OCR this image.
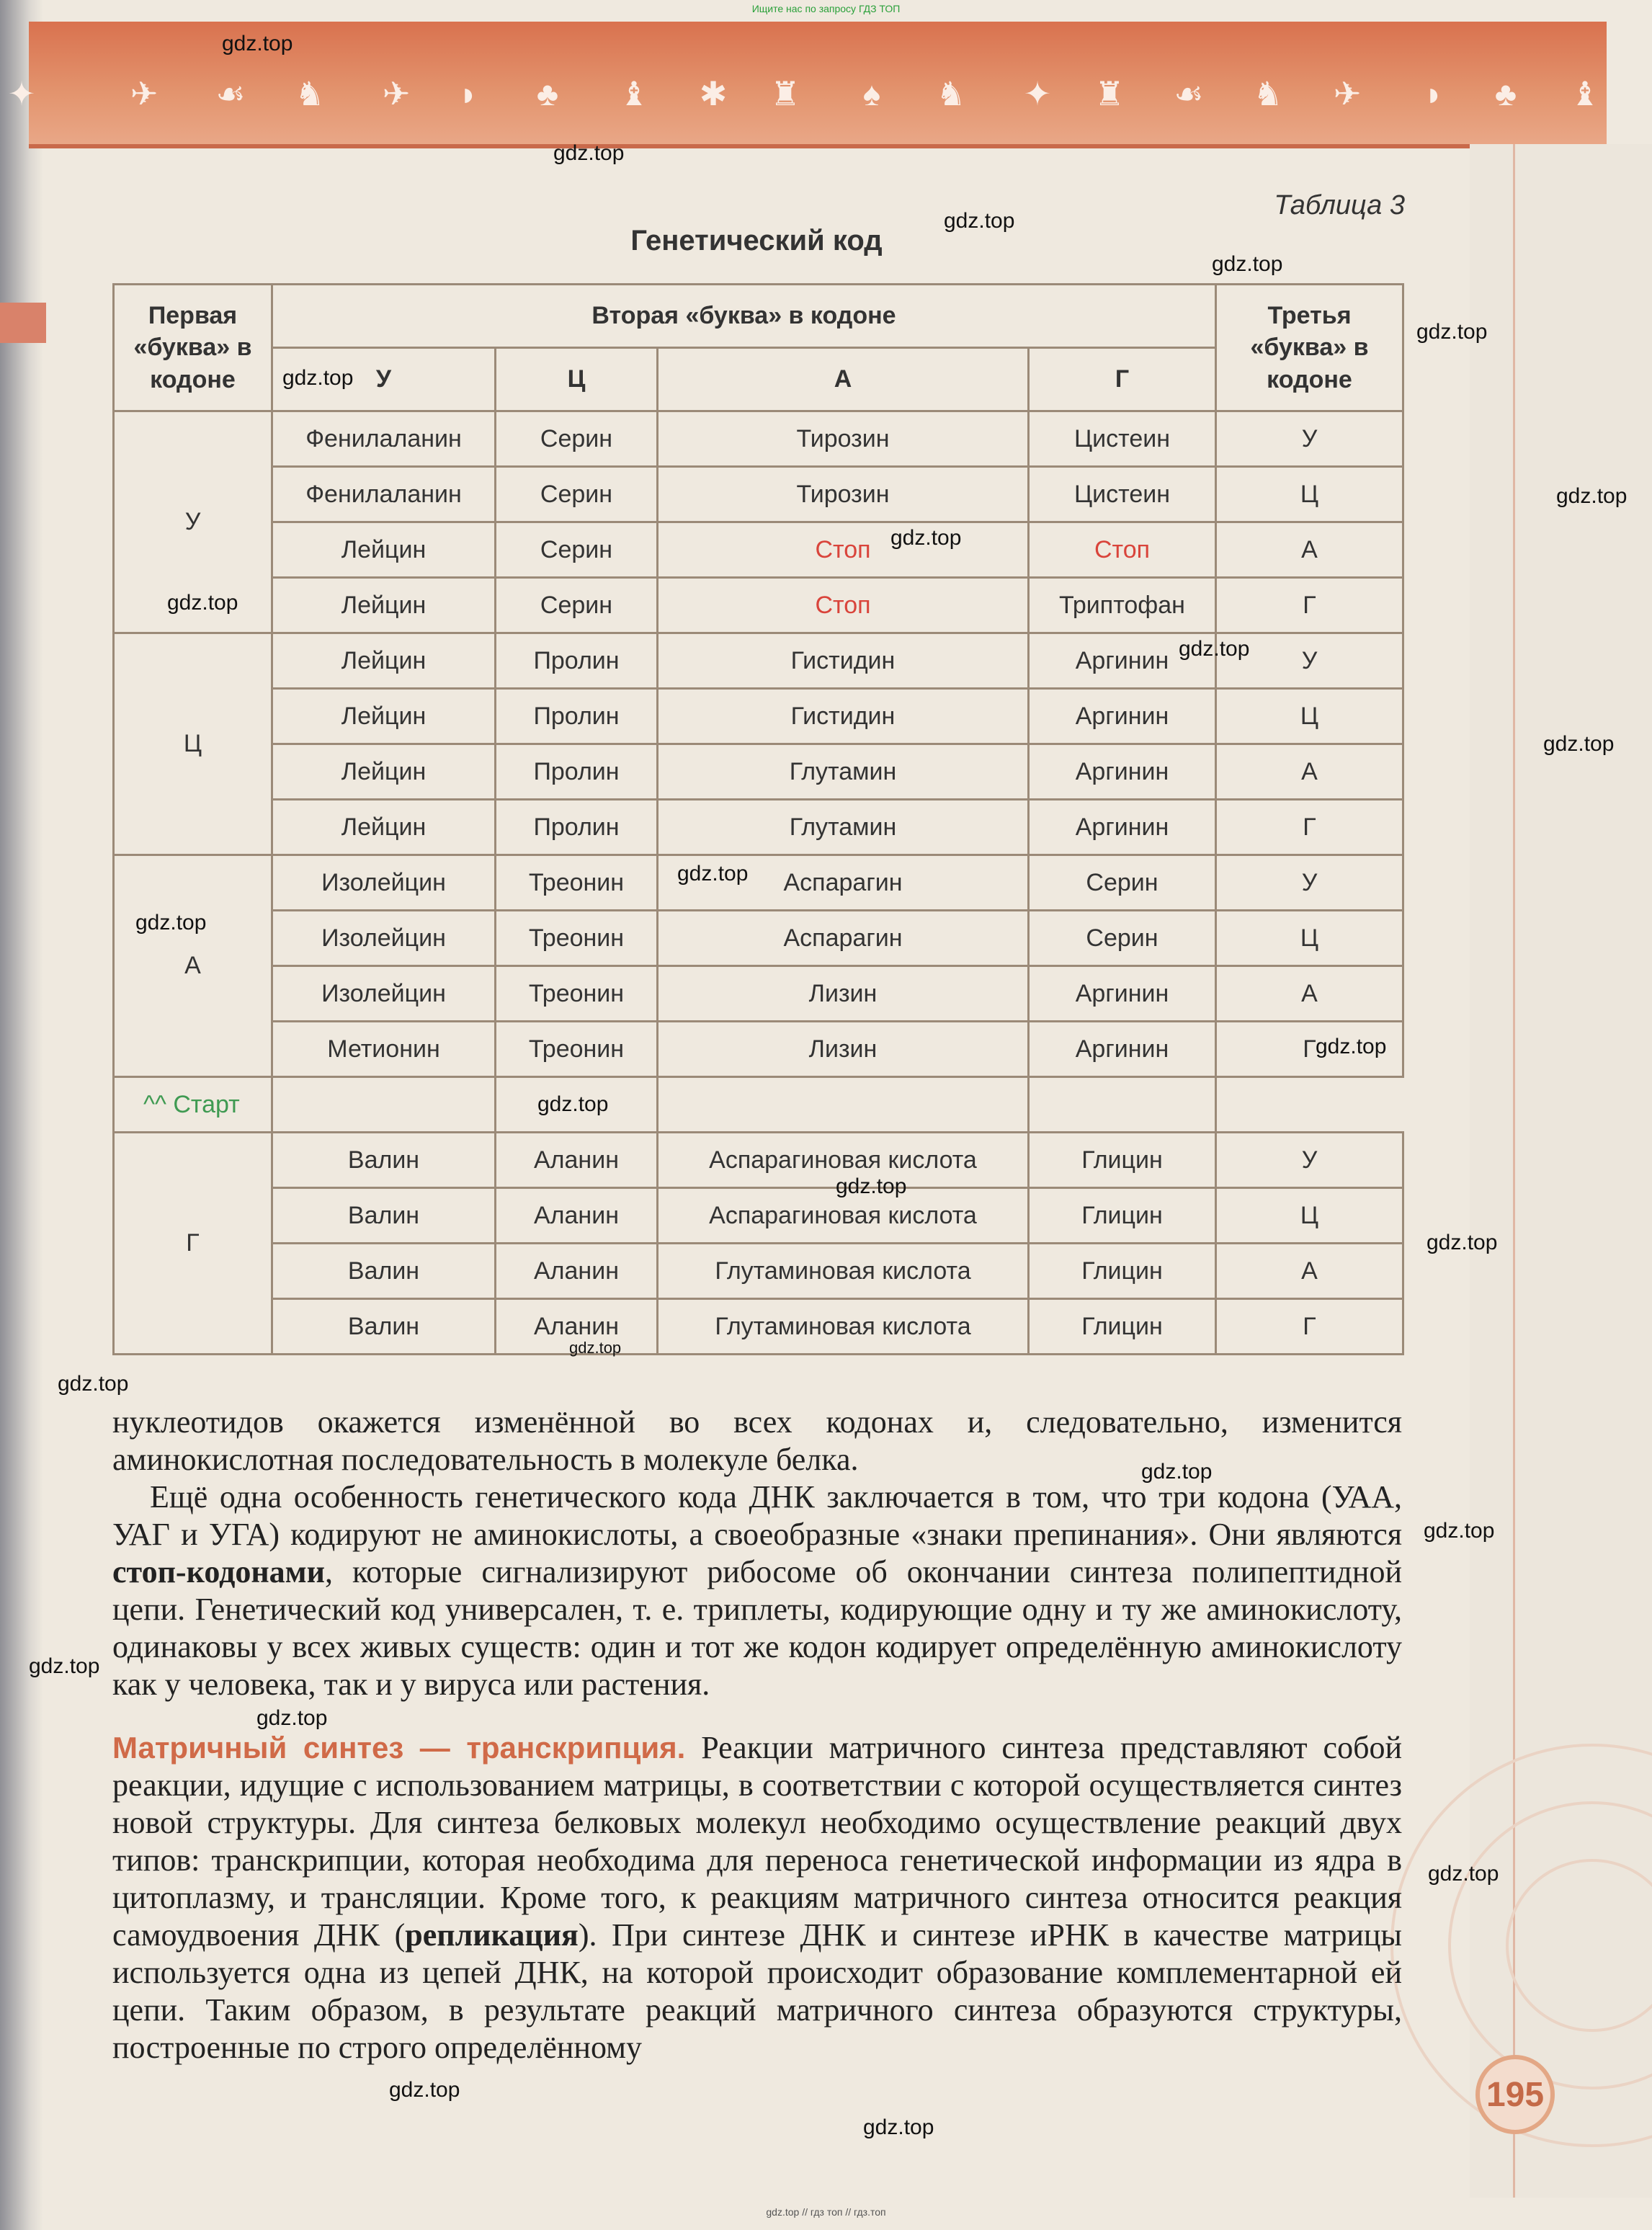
Ищите нас по запросу ГДЗ ТОП
✦	✈ ☙ ♞ ✈	◗	♣	♝ ✱ ♜	♠	♞ ✦ ♜ ☙ ♞ ✈	◗	♣	♝
Таблица 3
Генетический код
Первая «буква» в кодоне	Вторая «буква» в кодоне				Третья «буква» в кодоне
	У	Ц	А	Г	
У	Фенилаланин	Серин	Тирозин	Цистеин	У
	Фенилаланин	Серин	Тирозин	Цистеин	Ц
	Лейцин	Серин	Стоп	Стоп	А
	Лейцин	Серин	Стоп	Триптофан	Г
Ц	Лейцин	Пролин	Гистидин	Аргинин	У
	Лейцин	Пролин	Гистидин	Аргинин	Ц
	Лейцин	Пролин	Глутамин	Аргинин	А
	Лейцин	Пролин	Глутамин	Аргинин	Г
А	Изолейцин	Треонин	Аспарагин	Серин	У
	Изолейцин	Треонин	Аспарагин	Серин	Ц
	Изолейцин	Треонин	Лизин	Аргинин	А
	Метионин	Треонин	Лизин	Аргинин	Г
^^ Старт					
Г	Валин	Аланин	Аспарагиновая кислота	Глицин	У
	Валин	Аланин	Аспарагиновая кислота	Глицин	Ц
	Валин	Аланин	Глутаминовая кислота	Глицин	А
	Валин	Аланин	Глутаминовая кислота	Глицин	Г

нуклеотидов окажется изменённой во всех кодонах и, следовательно, изменится аминокислотная последовательность в молекуле белка.

Ещё одна особенность генетического кода ДНК заключается в том, что три кодона (УАА, УАГ и УГА) кодируют не аминокислоты, а своеобразные «знаки препинания». Они являются стоп-кодонами, которые сигнализируют рибосоме об окончании синтеза полипептидной цепи. Генетический код универсален, т. е. триплеты, кодирующие одну и ту же аминокислоту, одинаковы у всех живых существ: один и тот же кодон кодирует определённую аминокислоту как у человека, так и у вируса или растения.

Матричный синтез — транскрипция. Реакции матричного синтеза представляют собой реакции, идущие с использованием матрицы, в соответствии с которой осуществляется синтез новой структуры. Для синтеза белковых молекул необходимо осуществление реакций двух типов: транскрипции, которая необходима для переноса генетической информации из ядра в цитоплазму, и трансляции. Кроме того, к реакциям матричного синтеза относится реакция самоудвоения ДНК (репликация). При синтезе ДНК и синтезе иРНК в качестве матрицы используется одна из цепей ДНК, на которой происходит образование комплементарной ей цепи. Таким образом, в результате реакций матричного синтеза образуются структуры, построенные по строго определённому

195
gdz.top
gdz.top
gdz.top
gdz.top
gdz.top
gdz.top
gdz.top
gdz.top
gdz.top
gdz.top
gdz.top
gdz.top
gdz.top
gdz.top
gdz.top
gdz.top
gdz.top
gdz.top
gdz.top
gdz.top
gdz.top
gdz.top
gdz.top
gdz.top
gdz.top
gdz.top
gdz.top // гдз топ // гдз.топ
